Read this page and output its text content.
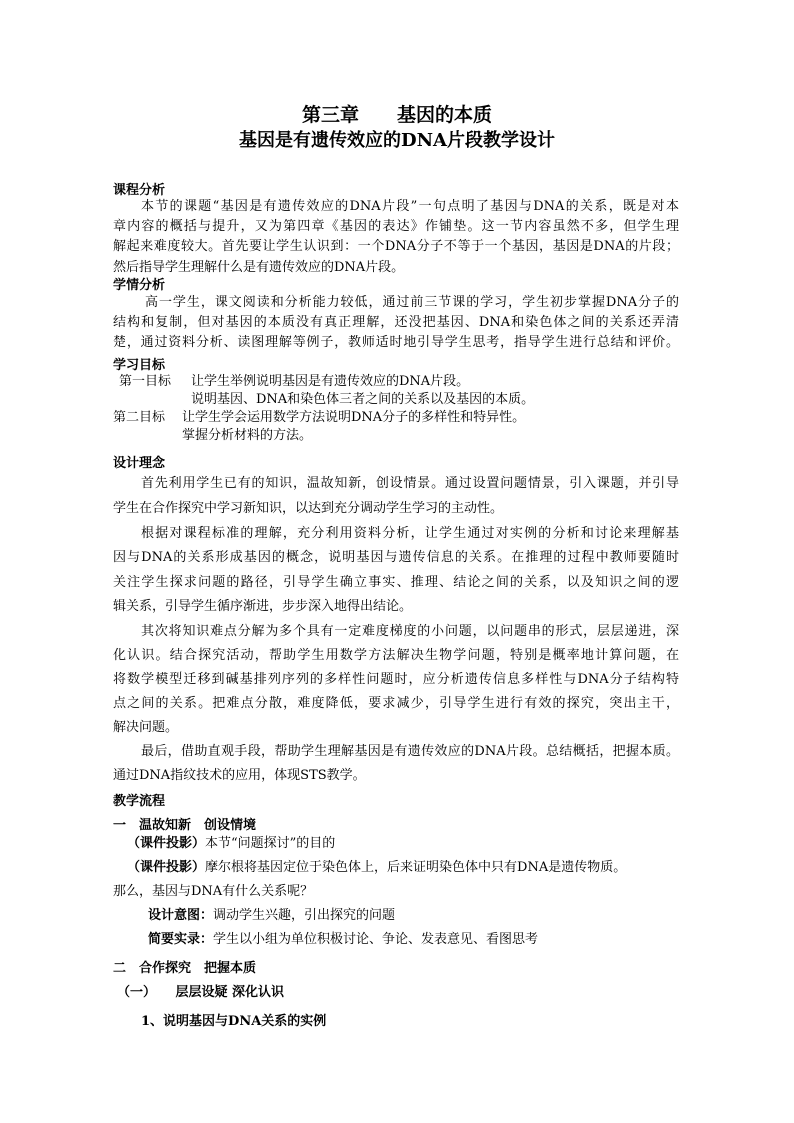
第三章　　基因的本质
基因是有遗传效应的DNA片段教学设计
课程分析
本节的课题“基因是有遗传效应的DNA片段”一句点明了基因与DNA的关系，既是对本
章内容的概括与提升，又为第四章《基因的表达》作铺垫。这一节内容虽然不多，但学生理
解起来难度较大。首先要让学生认识到：一个DNA分子不等于一个基因，基因是DNA的片段；
然后指导学生理解什么是有遗传效应的DNA片段。
学情分析
高一学生，课文阅读和分析能力较低，通过前三节课的学习，学生初步掌握DNA分子的
结构和复制，但对基因的本质没有真正理解，还没把基因、DNA和染色体之间的关系还弄清
楚，通过资料分析、读图理解等例子，教师适时地引导学生思考，指导学生进行总结和评价。
学习目标
第一目标 让学生举例说明基因是有遗传效应的DNA片段。
说明基因、DNA和染色体三者之间的关系以及基因的本质。
第二目标 让学生学会运用数学方法说明DNA分子的多样性和特异性。
掌握分析材料的方法。
设计理念
首先利用学生已有的知识，温故知新，创设情景。通过设置问题情景，引入课题，并引导
学生在合作探究中学习新知识，以达到充分调动学生学习的主动性。
根据对课程标准的理解，充分利用资料分析，让学生通过对实例的分析和讨论来理解基
因与DNA的关系形成基因的概念，说明基因与遗传信息的关系。在推理的过程中教师要随时
关注学生探求问题的路径，引导学生确立事实、推理、结论之间的关系，以及知识之间的逻
辑关系，引导学生循序渐进，步步深入地得出结论。
其次将知识难点分解为多个具有一定难度梯度的小问题，以问题串的形式，层层递进，深
化认识。结合探究活动，帮助学生用数学方法解决生物学问题，特别是概率地计算问题，在
将数学模型迁移到碱基排列序列的多样性问题时，应分析遗传信息多样性与DNA分子结构特
点之间的关系。把难点分散，难度降低，要求减少，引导学生进行有效的探究，突出主干，
解决问题。
最后，借助直观手段，帮助学生理解基因是有遗传效应的DNA片段。总结概括，把握本质。
通过DNA指纹技术的应用，体现STS教学。
教学流程
一　温故知新　创设情境
（课件投影）本节“问题探讨”的目的
（课件投影）摩尔根将基因定位于染色体上，后来证明染色体中只有DNA是遗传物质。
那么，基因与DNA有什么关系呢？
设计意图：调动学生兴趣，引出探究的问题
简要实录：学生以小组为单位积极讨论、争论、发表意见、看图思考
二　合作探究　把握本质
（一）　　层层设疑 深化认识
1、说明基因与DNA关系的实例
